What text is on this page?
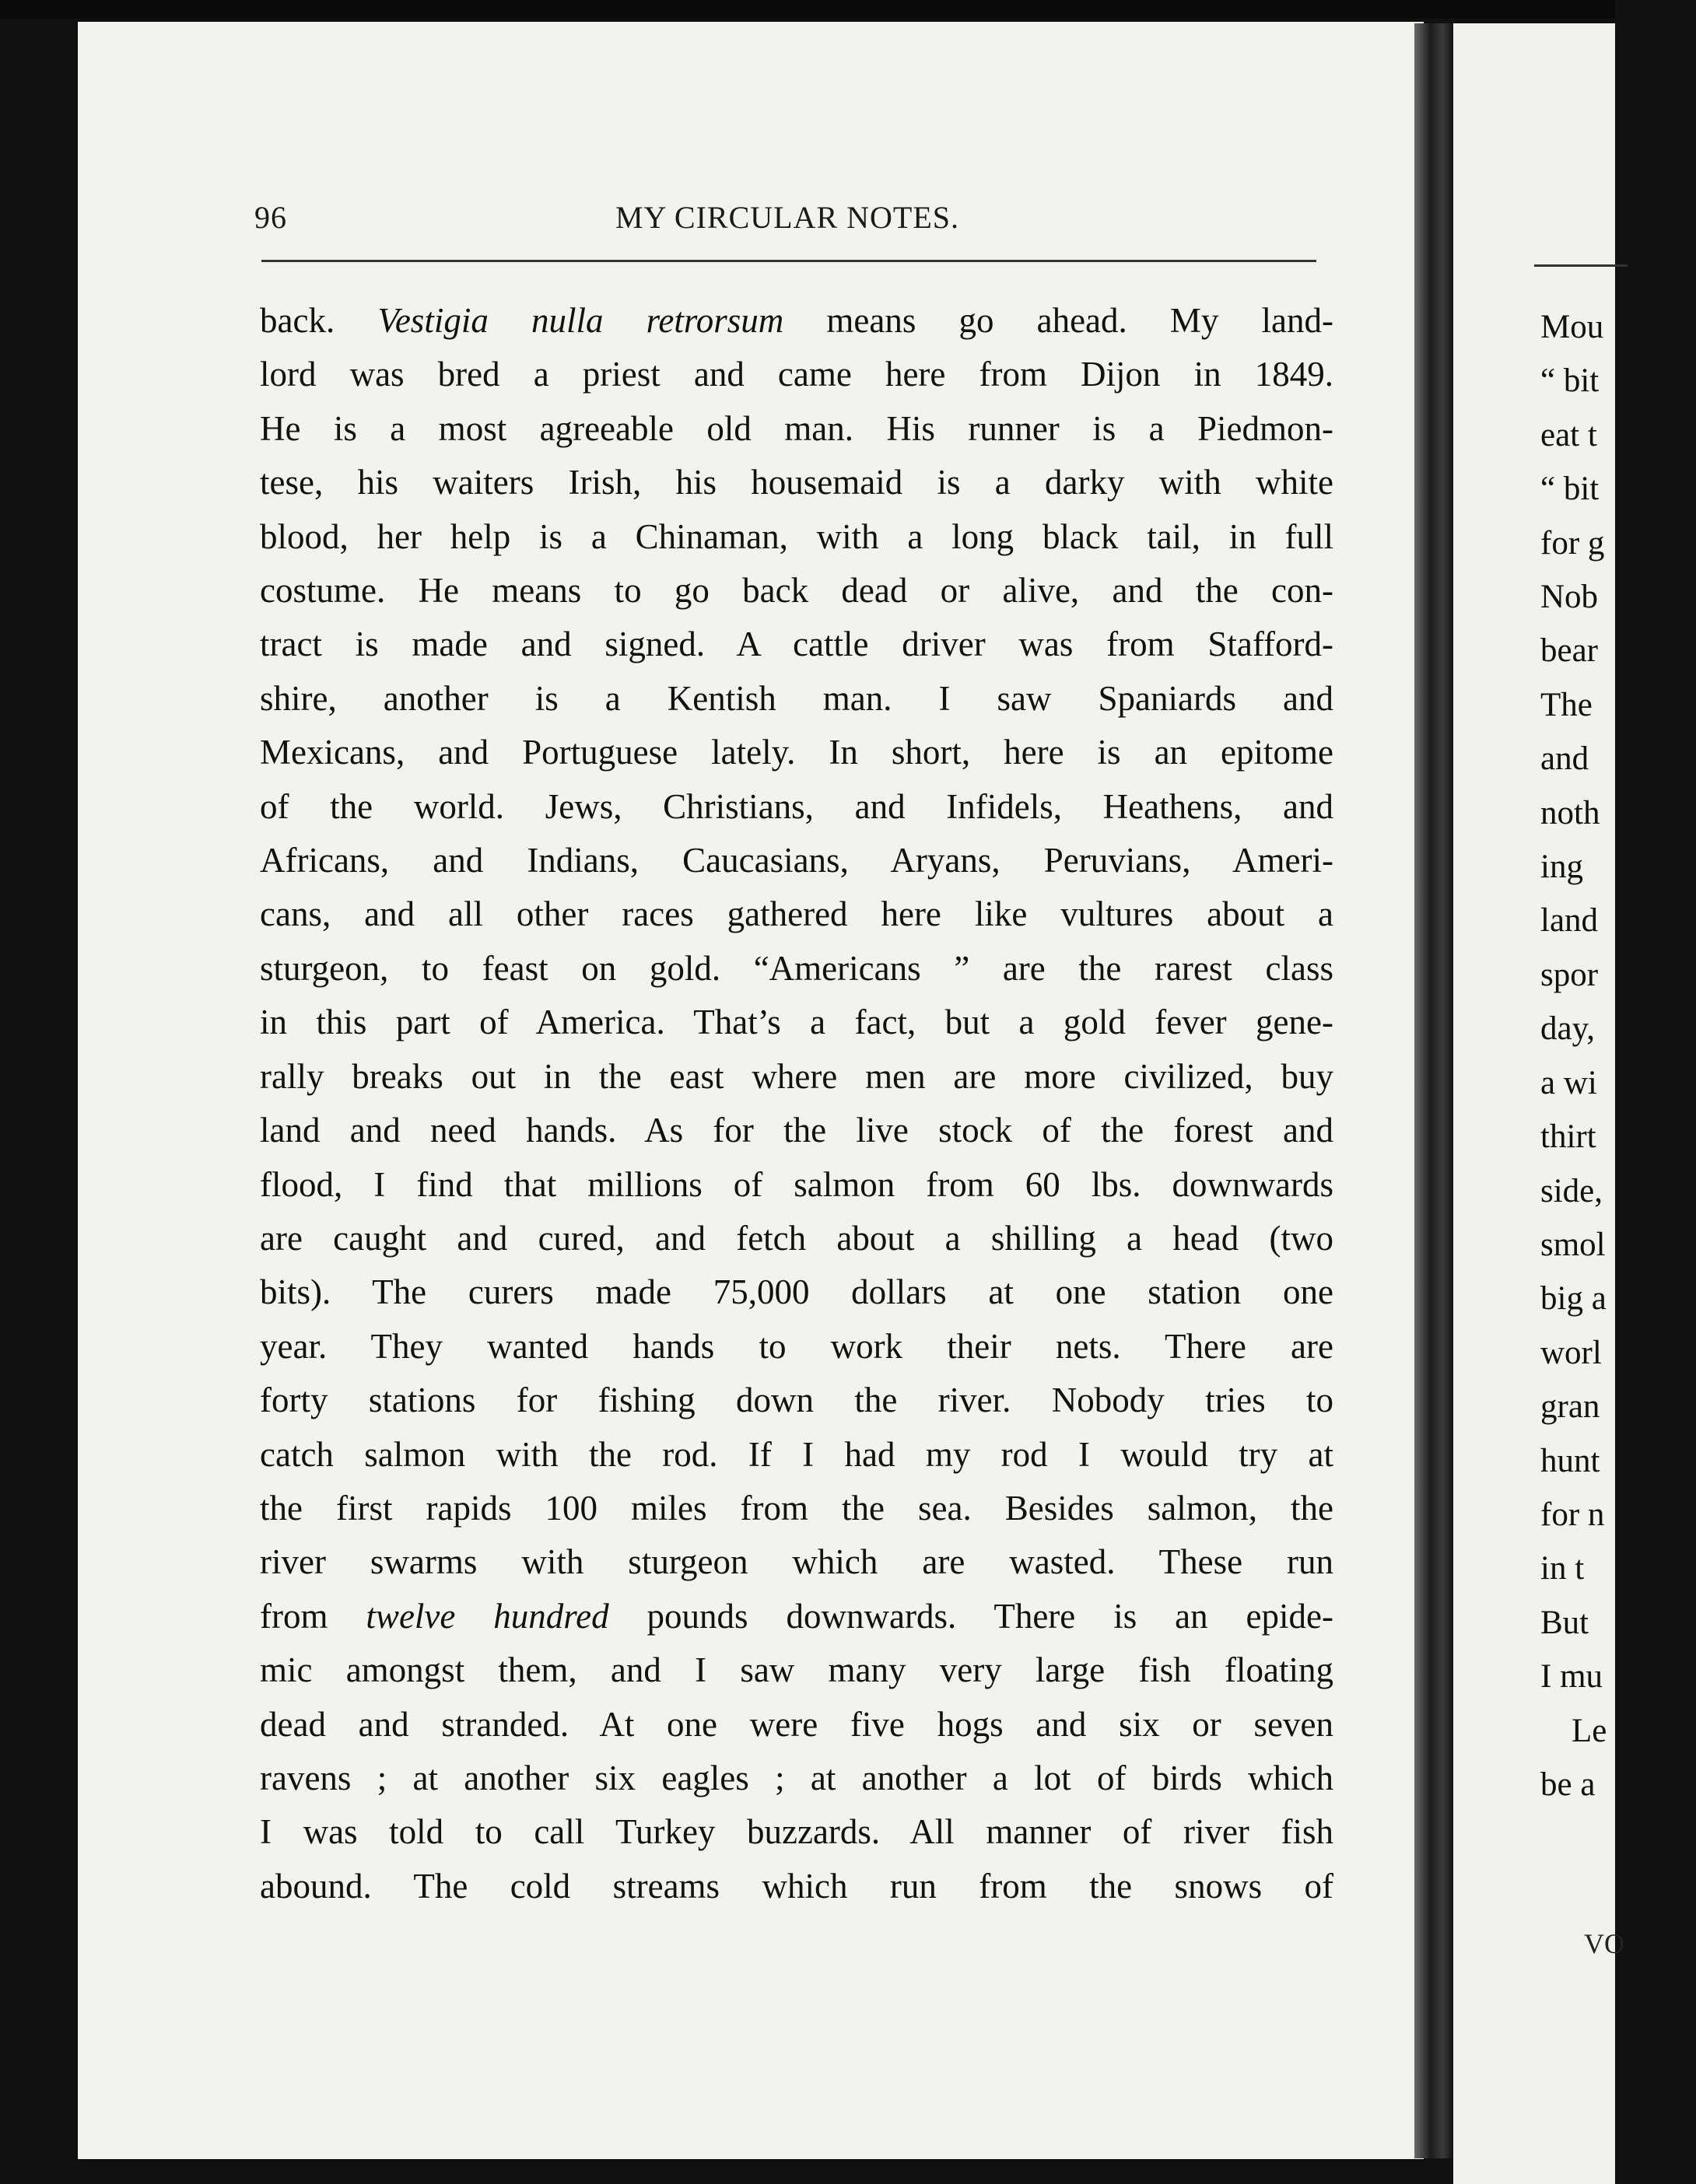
Mou
“ bit
eat t
“ bit
for g
Nob
bear
The
and
noth
ing
land
spor
day,
a wi
thirt
side,
smol
big a
worl
gran
hunt
for n
in t
But
I mu
Le
be a
VO
96	MY CIRCULAR NOTES.
back. Vestigia nulla retrorsum means go ahead. My land-
lord was bred a priest and came here from Dijon in 1849.
He is a most agreeable old man. His runner is a Piedmon-
tese, his waiters Irish, his housemaid is a darky with white
blood, her help is a Chinaman, with a long black tail, in full
costume. He means to go back dead or alive, and the con-
tract is made and signed. A cattle driver was from Stafford-
shire, another is a Kentish man. I saw Spaniards and
Mexicans, and Portuguese lately. In short, here is an epitome
of the world. Jews, Christians, and Infidels, Heathens, and
Africans, and Indians, Caucasians, Aryans, Peruvians, Ameri-
cans, and all other races gathered here like vultures about a
sturgeon, to feast on gold. “Americans ” are the rarest class
in this part of America. That’s a fact, but a gold fever gene-
rally breaks out in the east where men are more civilized, buy
land and need hands. As for the live stock of the forest and
flood, I find that millions of salmon from 60 lbs. downwards
are caught and cured, and fetch about a shilling a head (two
bits). The curers made 75,000 dollars at one station one
year. They wanted hands to work their nets. There are
forty stations for fishing down the river. Nobody tries to
catch salmon with the rod. If I had my rod I would try at
the first rapids 100 miles from the sea. Besides salmon, the
river swarms with sturgeon which are wasted. These run
from twelve hundred pounds downwards. There is an epide-
mic amongst them, and I saw many very large fish floating
dead and stranded. At one were five hogs and six or seven
ravens ; at another six eagles ; at another a lot of birds which
I was told to call Turkey buzzards. All manner of river fish
abound. The cold streams which run from the snows of
